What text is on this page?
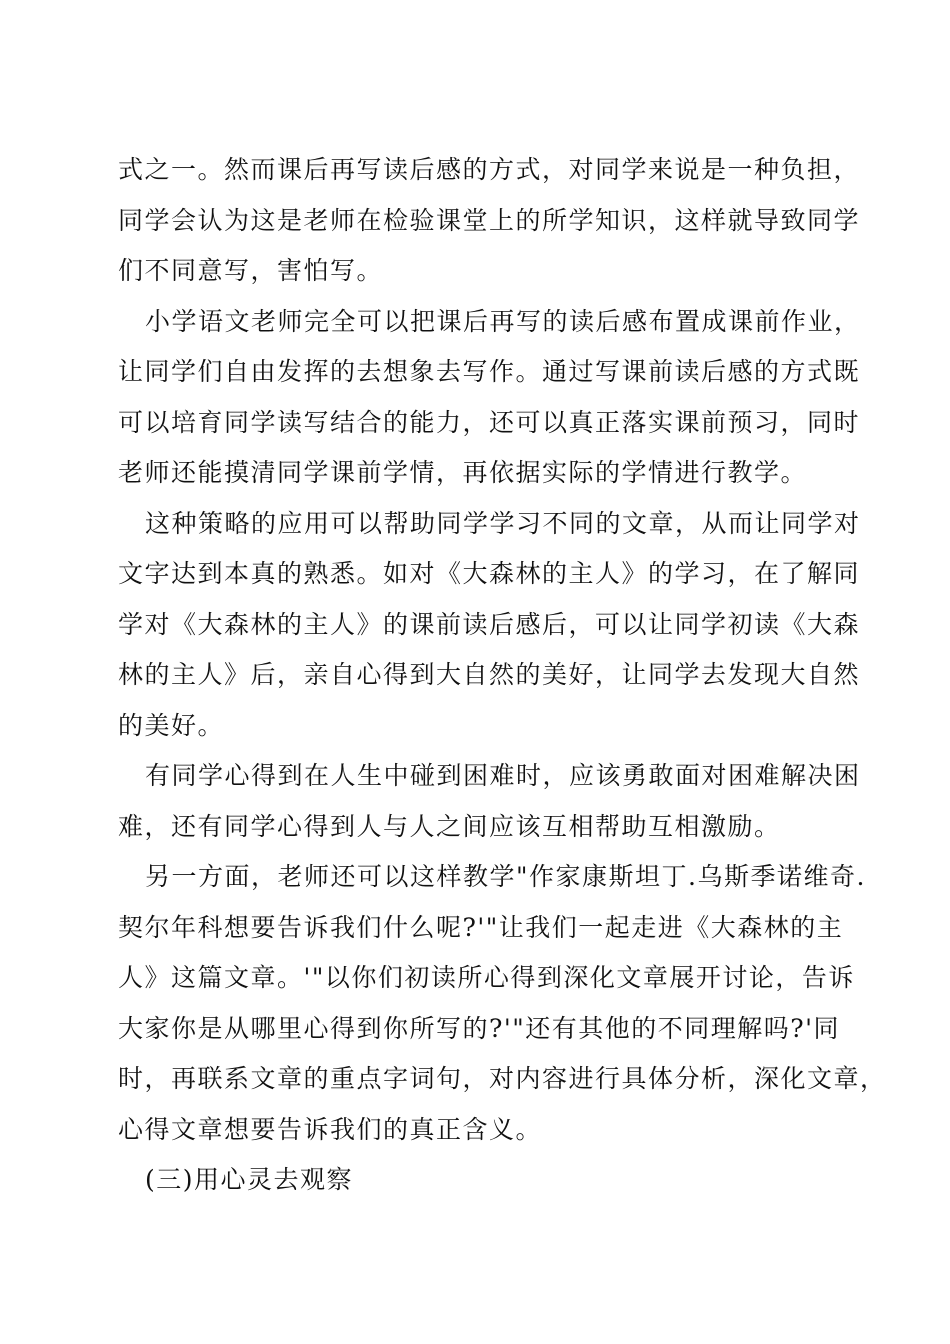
式之一。然而课后再写读后感的方式，对同学来说是一种负担，
同学会认为这是老师在检验课堂上的所学知识，这样就导致同学
们不同意写，害怕写。
小学语文老师完全可以把课后再写的读后感布置成课前作业，
让同学们自由发挥的去想象去写作。通过写课前读后感的方式既
可以培育同学读写结合的能力，还可以真正落实课前预习，同时
老师还能摸清同学课前学情，再依据实际的学情进行教学。
这种策略的应用可以帮助同学学习不同的文章，从而让同学对
文字达到本真的熟悉。如对《大森林的主人》的学习，在了解同
学对《大森林的主人》的课前读后感后，可以让同学初读《大森
林的主人》后，亲自心得到大自然的美好，让同学去发现大自然
的美好。
有同学心得到在人生中碰到困难时，应该勇敢面对困难解决困
难，还有同学心得到人与人之间应该互相帮助互相激励。
另一方面，老师还可以这样教学"作家康斯坦丁.乌斯季诺维奇.
契尔年科想要告诉我们什么呢?'"让我们一起走进《大森林的主
人》这篇文章。'"以你们初读所心得到深化文章展开讨论，告诉
大家你是从哪里心得到你所写的?'"还有其他的不同理解吗?'同
时，再联系文章的重点字词句，对内容进行具体分析，深化文章，
心得文章想要告诉我们的真正含义。
(三)用心灵去观察
